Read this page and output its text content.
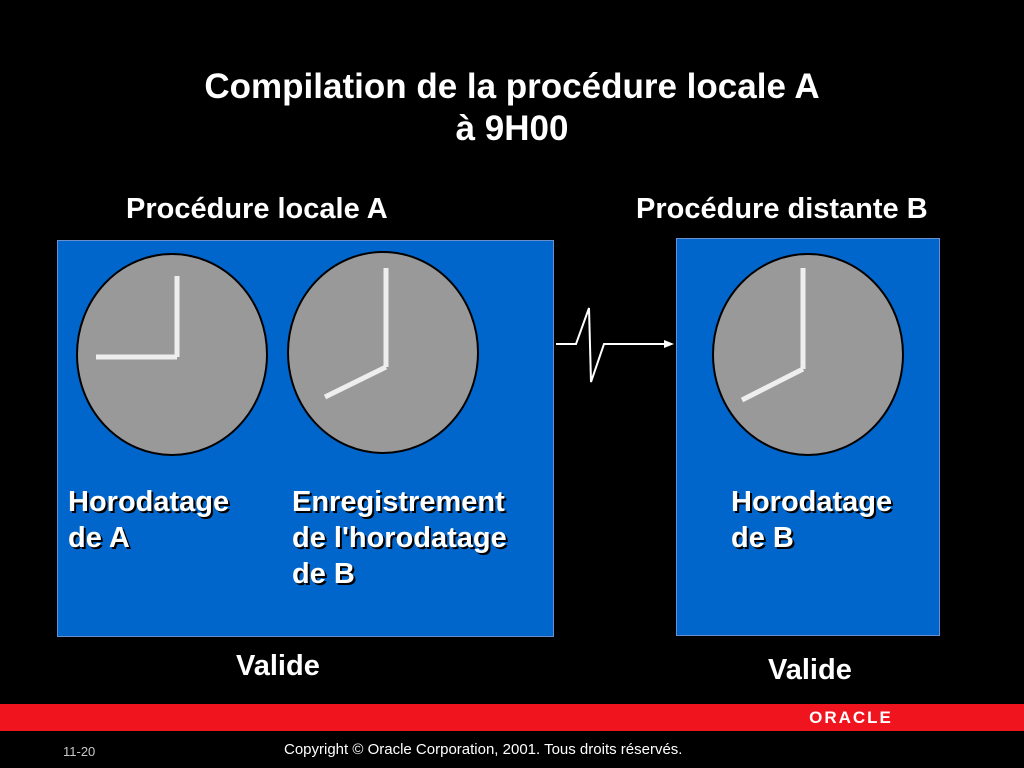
Compilation de la procédure locale A
à 9H00
Procédure locale A	Procédure distante B
Horodatage
de A
Enregistrement
de l'horodatage
de B
Horodatage
de B
Valide	Valide
ORACLE
11-20	Copyright © Oracle Corporation, 2001. Tous droits réservés.
